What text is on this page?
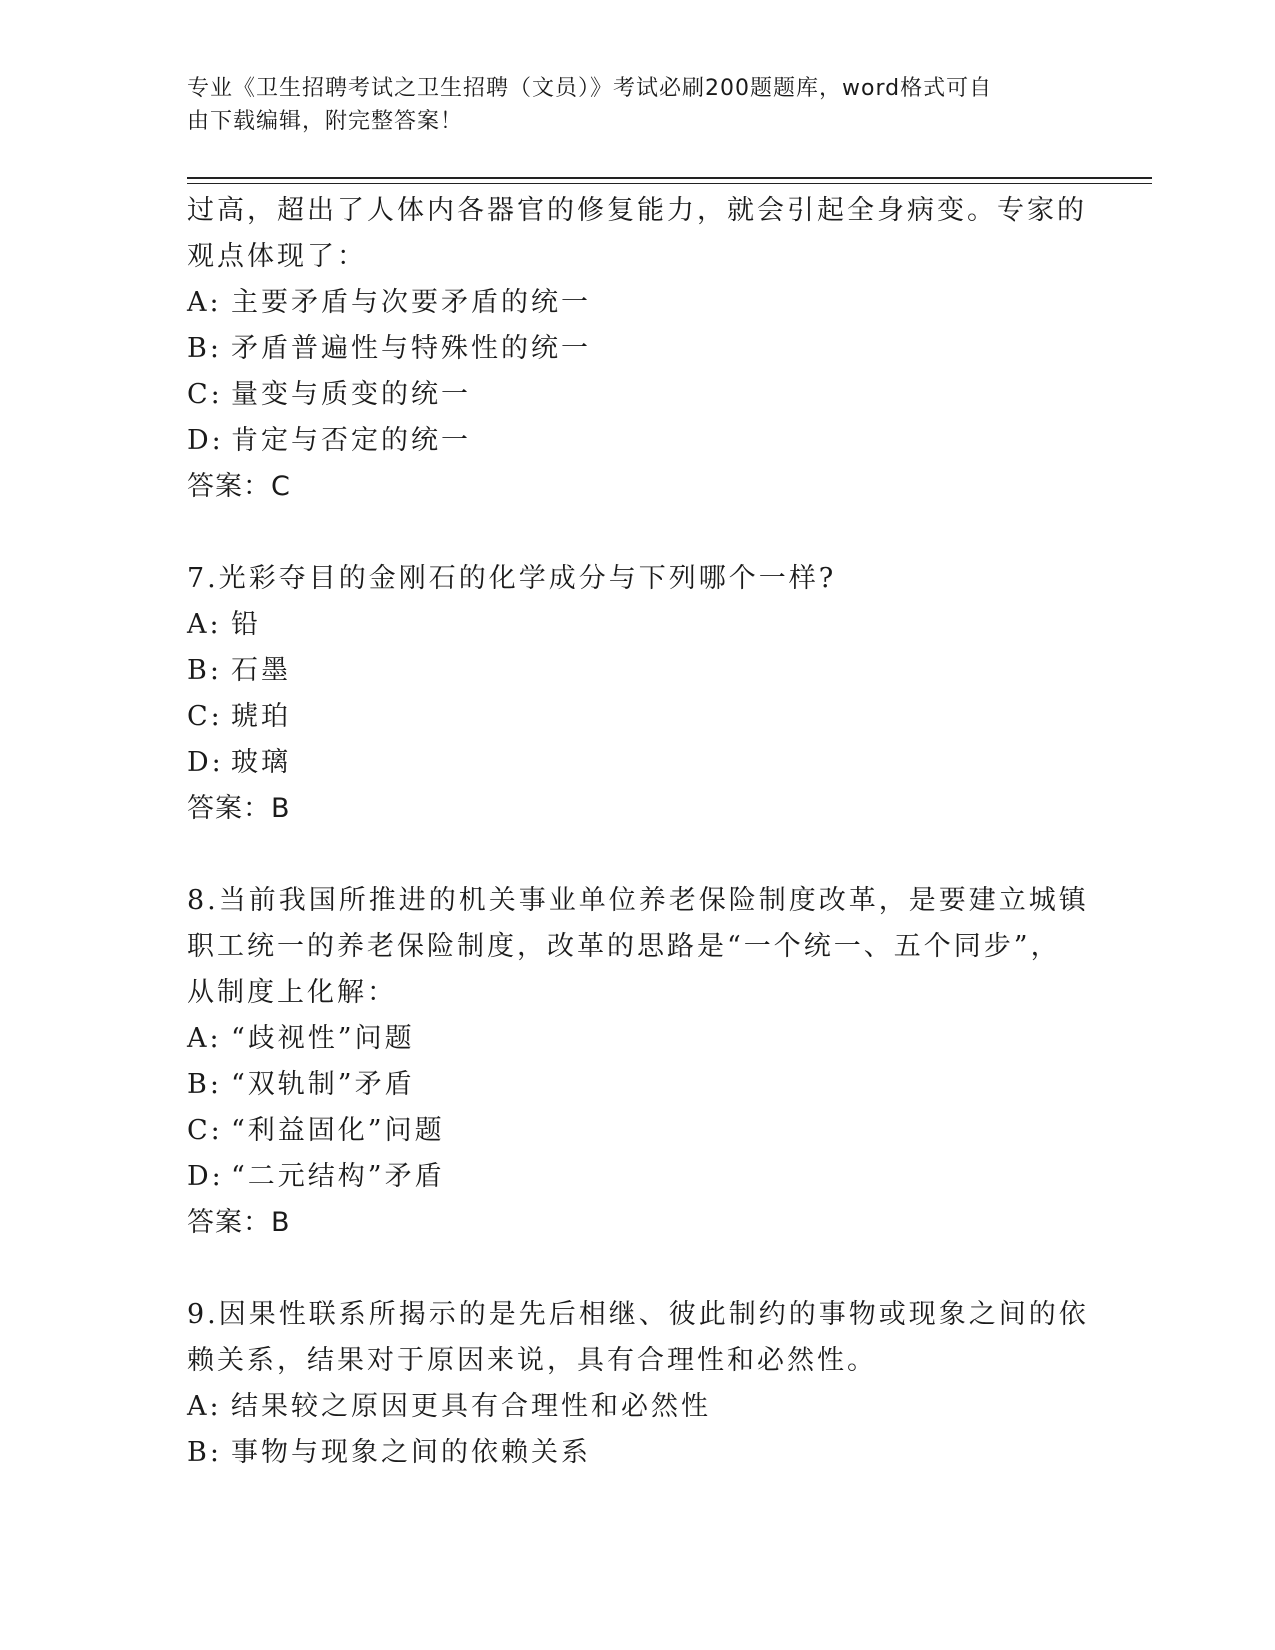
专业《卫生招聘考试之卫生招聘（文员）》考试必刷200题题库，word格式可自
由下载编辑，附完整答案！
过高，超出了人体内各器官的修复能力，就会引起全身病变。专家的
观点体现了：
A: 主要矛盾与次要矛盾的统一
B: 矛盾普遍性与特殊性的统一
C: 量变与质变的统一
D: 肯定与否定的统一
答案：C
7.光彩夺目的金刚石的化学成分与下列哪个一样?
A: 铅
B: 石墨
C: 琥珀
D: 玻璃
答案：B
8.当前我国所推进的机关事业单位养老保险制度改革，是要建立城镇
职工统一的养老保险制度，改革的思路是“一个统一、五个同步”，
从制度上化解：
A: “歧视性”问题
B: “双轨制”矛盾
C: “利益固化”问题
D: “二元结构”矛盾
答案：B
9.因果性联系所揭示的是先后相继、彼此制约的事物或现象之间的依
赖关系，结果对于原因来说，具有合理性和必然性。
A: 结果较之原因更具有合理性和必然性
B: 事物与现象之间的依赖关系
